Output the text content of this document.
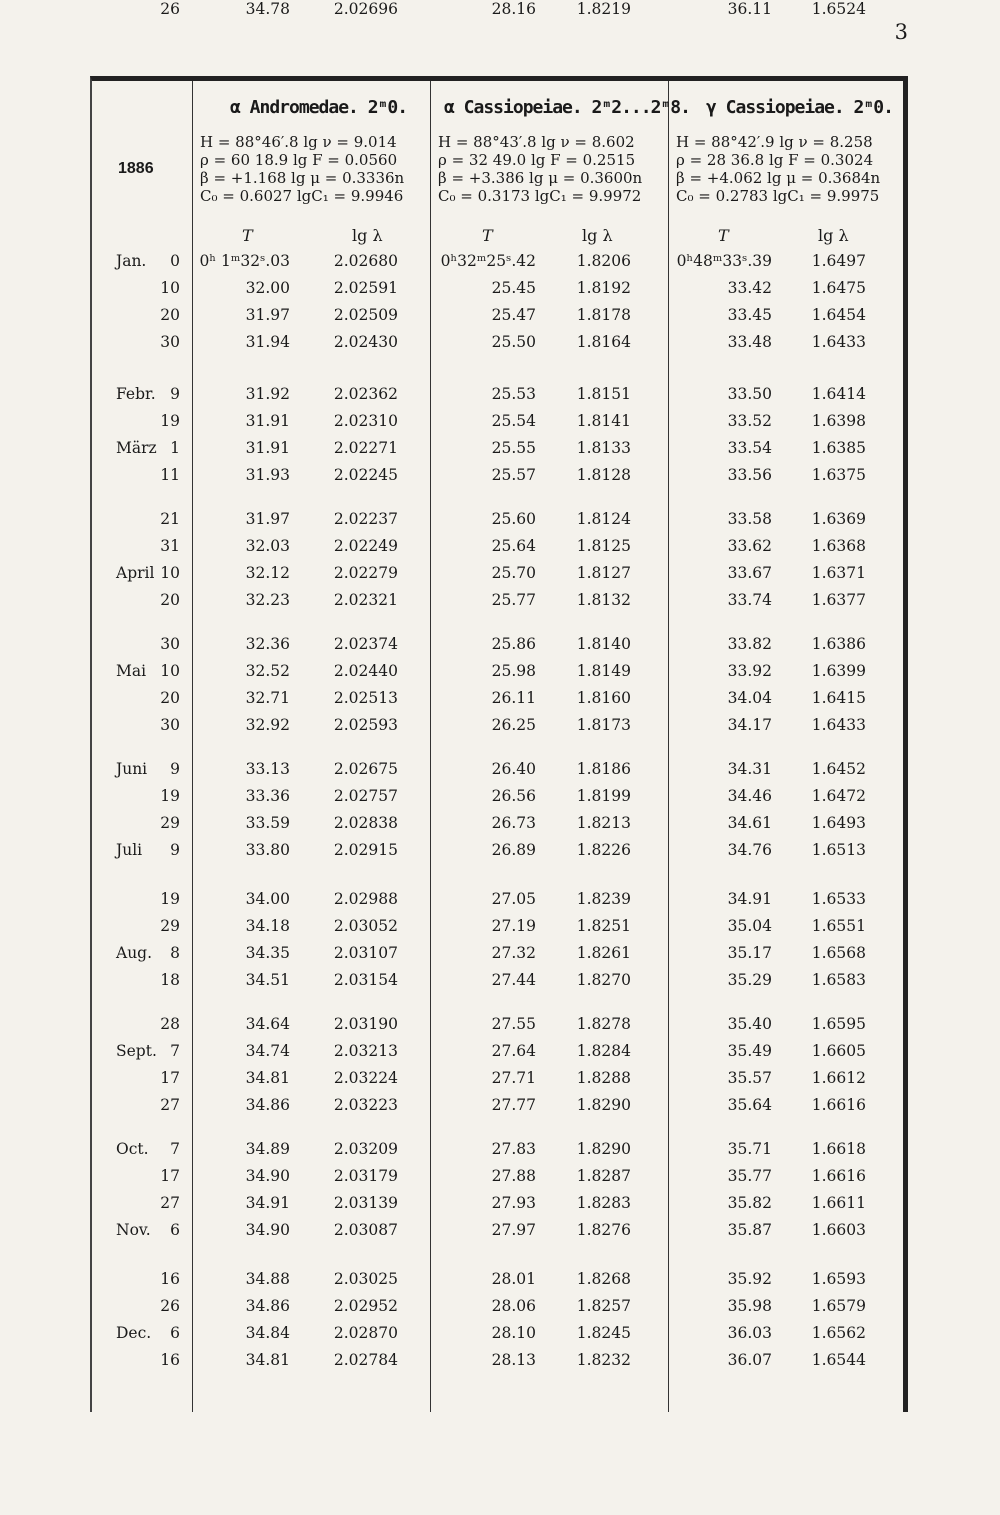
3
1886
α Andromedae. 2ᵐ0. α Cassiopeiae. 2ᵐ2...2ᵐ8. γ Cassiopeiae. 2ᵐ0.
H = 88°46′.8 lg ν = 9.014
ρ = 60 18.9 lg F = 0.0560
β = +1.168 lg μ = 0.3336n
C₀ = 0.6027 lgC₁ = 9.9946
H = 88°43′.8 lg ν = 8.602
ρ = 32 49.0 lg F = 0.2515
β = +3.386 lg μ = 0.3600n
C₀ = 0.3173 lgC₁ = 9.9972
H = 88°42′.9 lg ν = 8.258
ρ = 28 36.8 lg F = 0.3024
β = +4.062 lg μ = 0.3684n
C₀ = 0.2783 lgC₁ = 9.9975
T	lg λ	T	lg λ	T	lg λ
Jan.	0 0ʰ 1ᵐ32ˢ.03	2.02680	0ʰ32ᵐ25ˢ.42	1.8206	0ʰ48ᵐ33ˢ.39	1.6497
10	32.00	2.02591	25.45	1.8192	33.42	1.6475
20	31.97	2.02509	25.47	1.8178	33.45	1.6454
30	31.94	2.02430	25.50	1.8164	33.48	1.6433
Febr. 9	31.92	2.02362	25.53	1.8151	33.50	1.6414
19	31.91	2.02310	25.54	1.8141	33.52	1.6398
März 1	31.91	2.02271	25.55	1.8133	33.54	1.6385
11	31.93	2.02245	25.57	1.8128	33.56	1.6375
21	31.97	2.02237	25.60	1.8124	33.58	1.6369
31	32.03	2.02249	25.64	1.8125	33.62	1.6368
April 10	32.12	2.02279	25.70	1.8127	33.67	1.6371
20	32.23	2.02321	25.77	1.8132	33.74	1.6377
30	32.36	2.02374	25.86	1.8140	33.82	1.6386
Mai 10	32.52	2.02440	25.98	1.8149	33.92	1.6399
20	32.71	2.02513	26.11	1.8160	34.04	1.6415
30	32.92	2.02593	26.25	1.8173	34.17	1.6433
Juni	9	33.13	2.02675	26.40	1.8186	34.31	1.6452
19	33.36	2.02757	26.56	1.8199	34.46	1.6472
29	33.59	2.02838	26.73	1.8213	34.61	1.6493
Juli	9	33.80	2.02915	26.89	1.8226	34.76	1.6513
19	34.00	2.02988	27.05	1.8239	34.91	1.6533
29	34.18	2.03052	27.19	1.8251	35.04	1.6551
Aug.	8	34.35	2.03107	27.32	1.8261	35.17	1.6568
18	34.51	2.03154	27.44	1.8270	35.29	1.6583
28	34.64	2.03190	27.55	1.8278	35.40	1.6595
Sept. 7	34.74	2.03213	27.64	1.8284	35.49	1.6605
17	34.81	2.03224	27.71	1.8288	35.57	1.6612
27	34.86	2.03223	27.77	1.8290	35.64	1.6616
Oct.	7	34.89	2.03209	27.83	1.8290	35.71	1.6618
17	34.90	2.03179	27.88	1.8287	35.77	1.6616
27	34.91	2.03139	27.93	1.8283	35.82	1.6611
Nov.	6	34.90	2.03087	27.97	1.8276	35.87	1.6603
16	34.88	2.03025	28.01	1.8268	35.92	1.6593
26	34.86	2.02952	28.06	1.8257	35.98	1.6579
Dec.	6	34.84	2.02870	28.10	1.8245	36.03	1.6562
16	34.81	2.02784	28.13	1.8232	36.07	1.6544
26	34.78	2.02696	28.16	1.8219	36.11	1.6524
